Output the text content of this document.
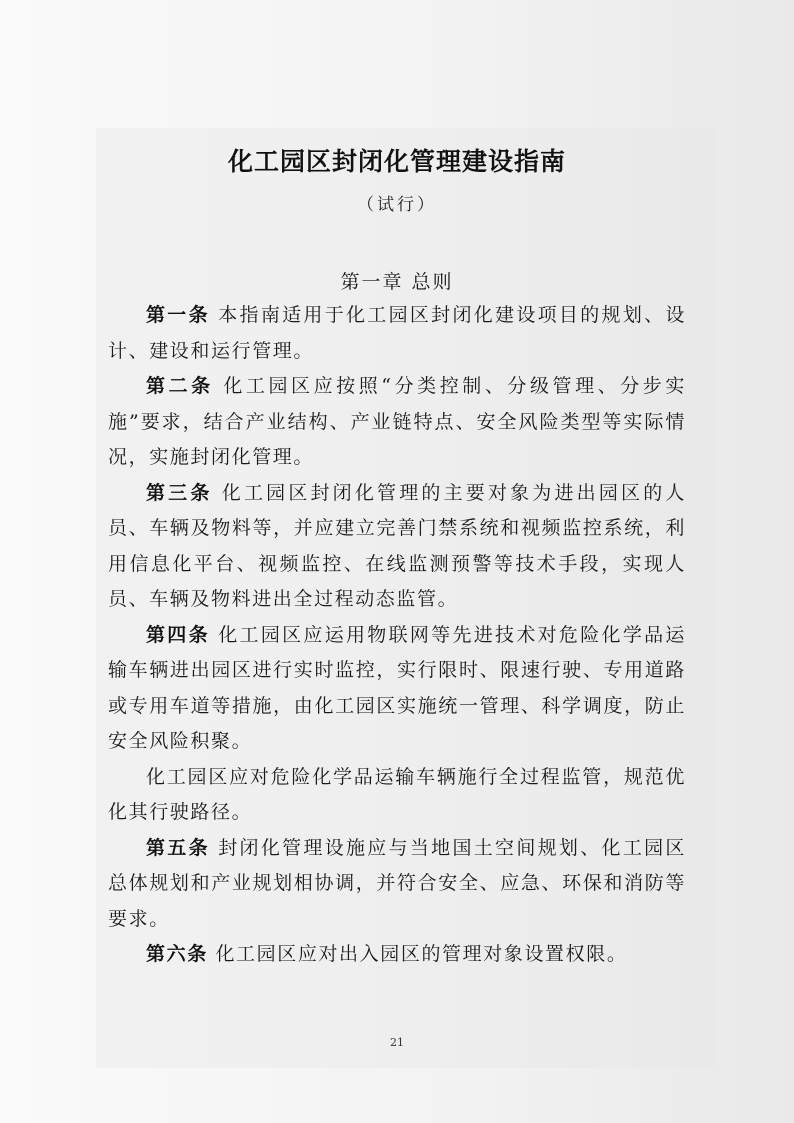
化工园区封闭化管理建设指南
（试行）
第一章 总则

第一条 本指南适用于化工园区封闭化建设项目的规划、设计、建设和运行管理。

第二条 化工园区应按照“分类控制、分级管理、分步实施”要求，结合产业结构、产业链特点、安全风险类型等实际情况，实施封闭化管理。

第三条 化工园区封闭化管理的主要对象为进出园区的人员、车辆及物料等，并应建立完善门禁系统和视频监控系统，利用信息化平台、视频监控、在线监测预警等技术手段，实现人员、车辆及物料进出全过程动态监管。

第四条 化工园区应运用物联网等先进技术对危险化学品运输车辆进出园区进行实时监控，实行限时、限速行驶、专用道路或专用车道等措施，由化工园区实施统一管理、科学调度，防止安全风险积聚。

化工园区应对危险化学品运输车辆施行全过程监管，规范优化其行驶路径。

第五条 封闭化管理设施应与当地国土空间规划、化工园区总体规划和产业规划相协调，并符合安全、应急、环保和消防等要求。

第六条 化工园区应对出入园区的管理对象设置权限。

21
